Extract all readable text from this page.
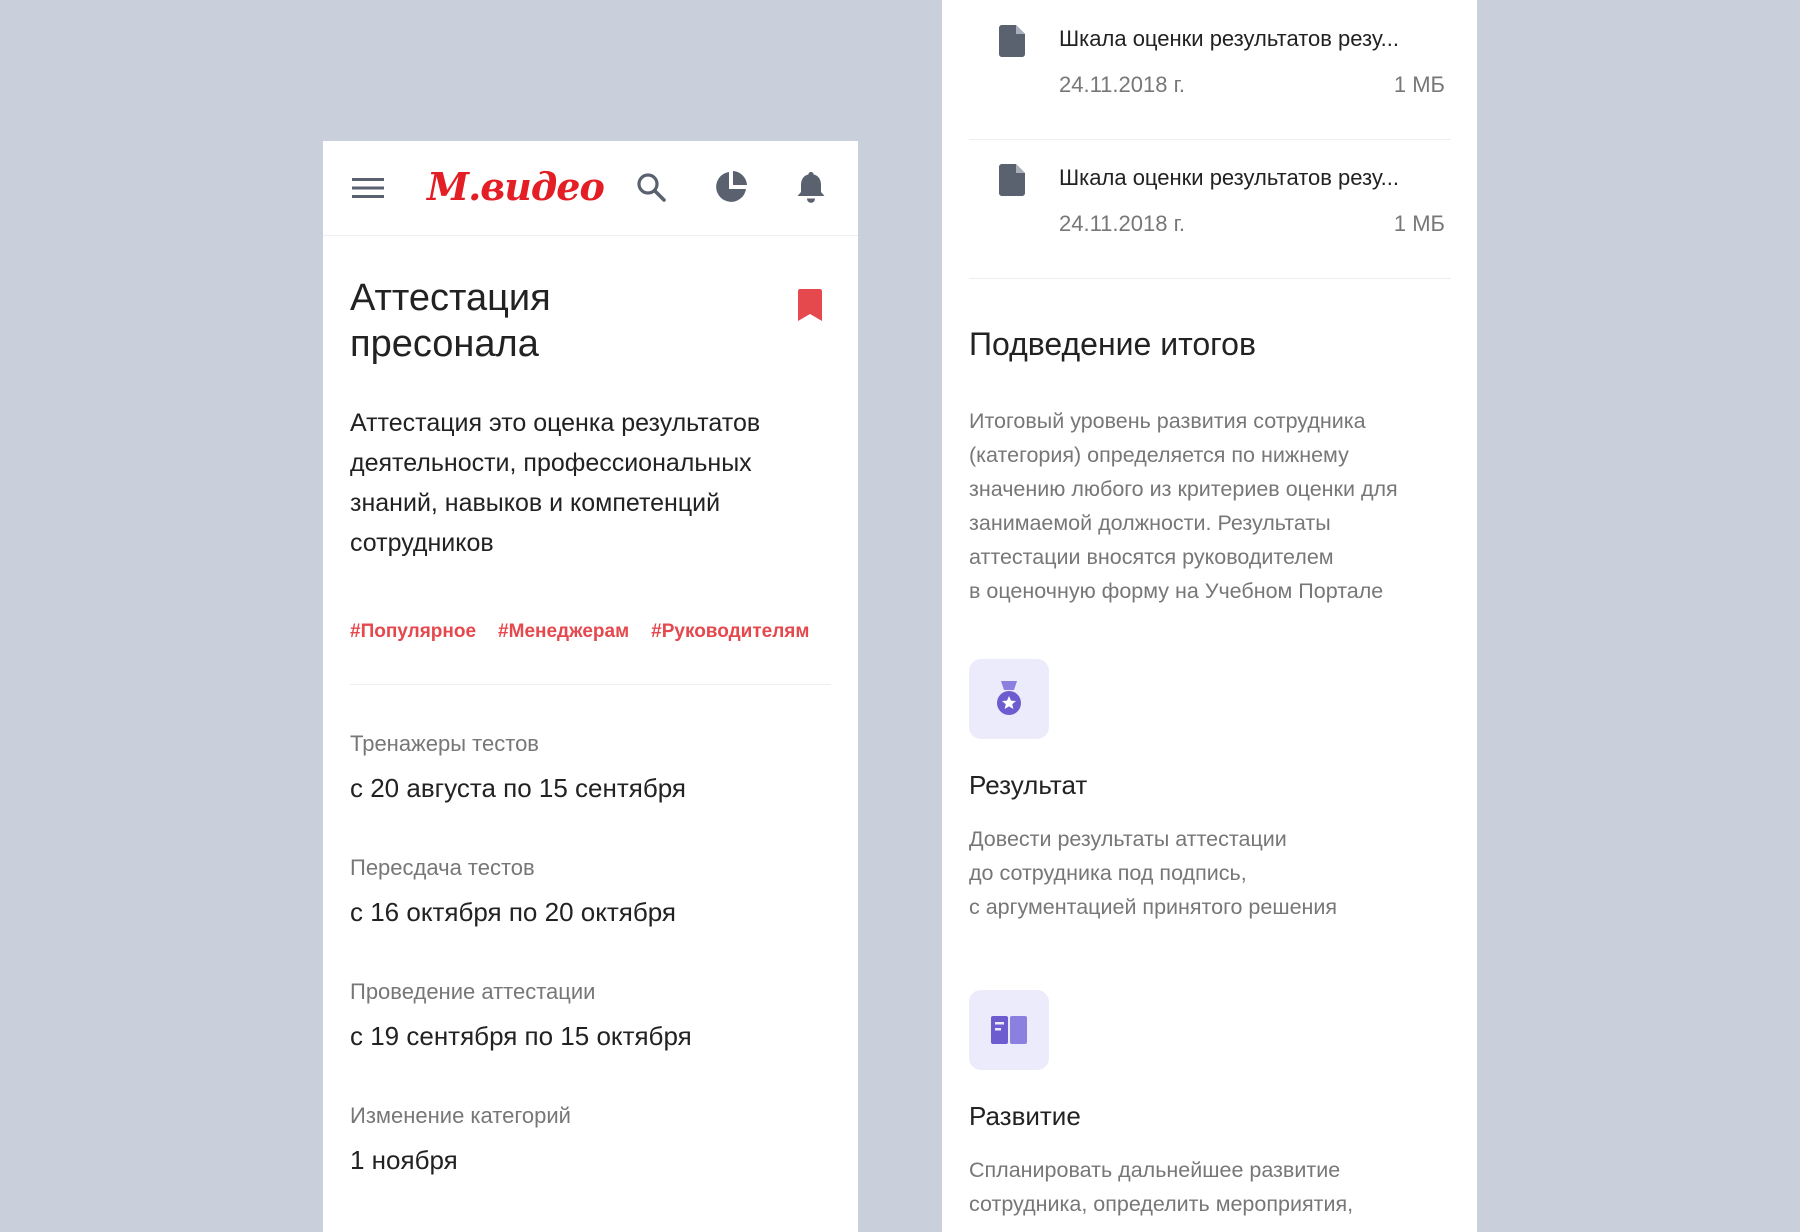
М.видео
Аттестация
пресонала
Аттестация это оценка результатов деятельности, профессиональных знаний, навыков и компетенций сотрудников
#Популярное #Менеджерам #Руководителям
Тренажеры тестов
с 20 августа по 15 сентября
Пересдача тестов
с 16 октября по 20 октября
Проведение аттестации
с 19 сентября по 15 октября
Изменение категорий
1 ноября
Шкала оценки результатов резу...
24.11.2018 г.	1 МБ
Шкала оценки результатов резу...
24.11.2018 г.	1 МБ
Подведение итогов
Итоговый уровень развития сотрудника
(категория) определяется по нижнему
значению любого из критериев оценки для
занимаемой должности. Результаты
аттестации вносятся руководителем
в оценочную форму на Учебном Портале
Результат
Довести результаты аттестации
до сотрудника под подпись,
с аргументацией принятого решения
Развитие
Спланировать дальнейшее развитие
сотрудника, определить мероприятия,
